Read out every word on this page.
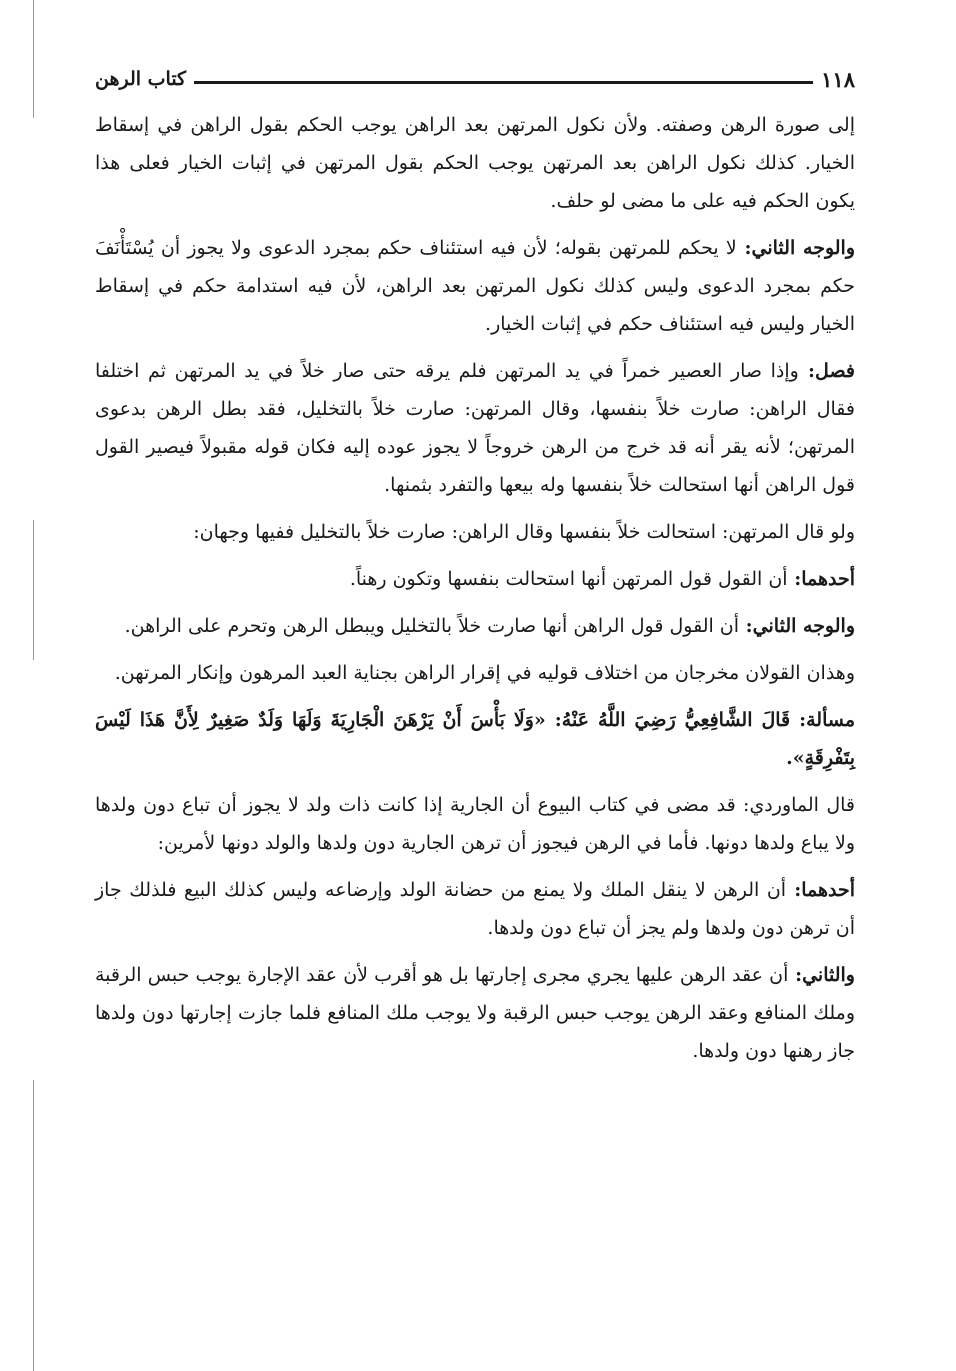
١١٨
كتاب الرهن

إلى صورة الرهن وصفته. ولأن نكول المرتهن بعد الراهن يوجب الحكم بقول الراهن في إسقاط الخيار. كذلك نكول الراهن بعد المرتهن يوجب الحكم بقول المرتهن في إثبات الخيار فعلى هذا يكون الحكم فيه على ما مضى لو حلف.

والوجه الثاني: لا يحكم للمرتهن بقوله؛ لأن فيه استئناف حكم بمجرد الدعوى ولا يجوز أن يُسْتَأْنَفَ حكم بمجرد الدعوى وليس كذلك نكول المرتهن بعد الراهن، لأن فيه استدامة حكم في إسقاط الخيار وليس فيه استئناف حكم في إثبات الخيار.

فصل: وإذا صار العصير خمراً في يد المرتهن فلم يرقه حتى صار خلاً في يد المرتهن ثم اختلفا فقال الراهن: صارت خلاً بنفسها، وقال المرتهن: صارت خلاً بالتخليل، فقد بطل الرهن بدعوى المرتهن؛ لأنه يقر أنه قد خرج من الرهن خروجاً لا يجوز عوده إليه فكان قوله مقبولاً فيصير القول قول الراهن أنها استحالت خلاً بنفسها وله بيعها والتفرد بثمنها.

ولو قال المرتهن: استحالت خلاً بنفسها وقال الراهن: صارت خلاً بالتخليل ففيها وجهان:

أحدهما: أن القول قول المرتهن أنها استحالت بنفسها وتكون رهناً.

والوجه الثاني: أن القول قول الراهن أنها صارت خلاً بالتخليل ويبطل الرهن وتحرم على الراهن.

وهذان القولان مخرجان من اختلاف قوليه في إقرار الراهن بجناية العبد المرهون وإنكار المرتهن.

مسألة: قَالَ الشَّافِعِيُّ رَضِيَ اللَّهُ عَنْهُ: «وَلَا بَأْسَ أَنْ يَرْهَنَ الْجَارِيَةَ وَلَهَا وَلَدٌ صَغِيرٌ لِأَنَّ هَذَا لَيْسَ بِتَفْرِقَةٍ».

قال الماوردي: قد مضى في كتاب البيوع أن الجارية إذا كانت ذات ولد لا يجوز أن تباع دون ولدها ولا يباع ولدها دونها. فأما في الرهن فيجوز أن ترهن الجارية دون ولدها والولد دونها لأمرين:

أحدهما: أن الرهن لا ينقل الملك ولا يمنع من حضانة الولد وإرضاعه وليس كذلك البيع فلذلك جاز أن ترهن دون ولدها ولم يجز أن تباع دون ولدها.

والثاني: أن عقد الرهن عليها يجري مجرى إجارتها بل هو أقرب لأن عقد الإجارة يوجب حبس الرقبة وملك المنافع وعقد الرهن يوجب حبس الرقبة ولا يوجب ملك المنافع فلما جازت إجارتها دون ولدها جاز رهنها دون ولدها.
